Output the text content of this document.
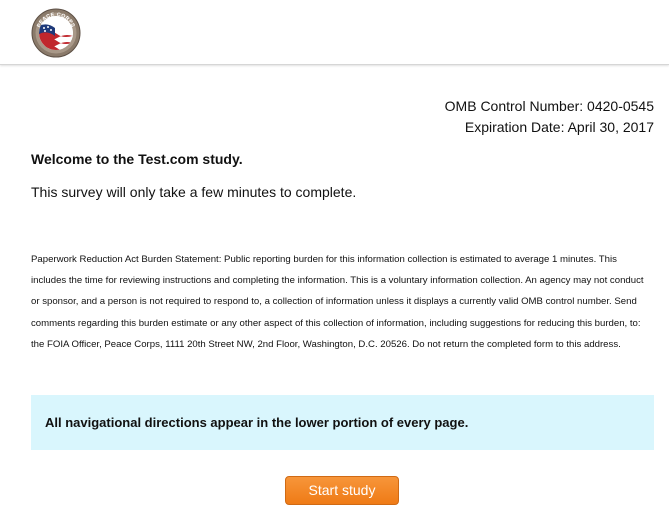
PEACE CORPS
OMB Control Number: 0420-0545
Expiration Date: April 30, 2017
Welcome to the Test.com study.
This survey will only take a few minutes to complete.
Paperwork Reduction Act Burden Statement: Public reporting burden for this information collection is estimated to average 1 minutes. This includes the time for reviewing instructions and completing the information. This is a voluntary information collection. An agency may not conduct or sponsor, and a person is not required to respond to, a collection of information unless it displays a currently valid OMB control number. Send comments regarding this burden estimate or any other aspect of this collection of information, including suggestions for reducing this burden, to: the FOIA Officer, Peace Corps, 1111 20th Street NW, 2nd Floor, Washington, D.C. 20526. Do not return the completed form to this address.
All navigational directions appear in the lower portion of every page.
Start study
